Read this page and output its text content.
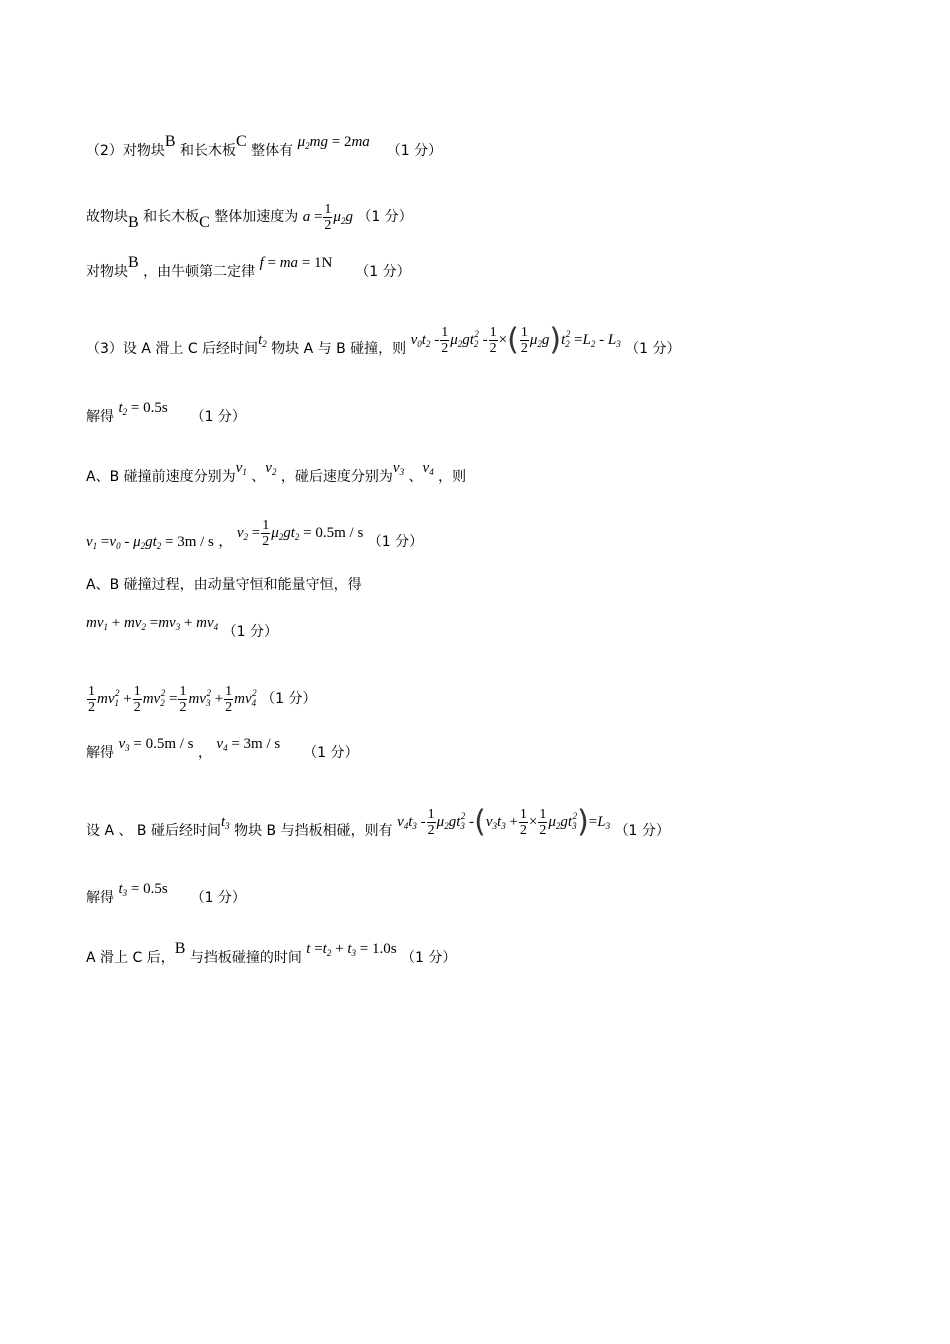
（2）对物块B 和长木板C 整体有 $\mu_2mg = 2ma$  （1 分）
故物块B 和长木板C 整体加速度为 $a = \frac{1}{2} \mu_2g$ （1 分）
对物块B ，由牛顿第二定律 f = ma = 1N  （1 分）
（3）设 A 滑上 C 后经时间$t_2$ 物块 A 与 B 碰撞，则 $v_0t_2 - \frac{1}{2} \mu_2gt_2^2 - \frac{1}{2}$ ×( $\frac{1}{2} \mu_2g)t_2^2 =L_2 - L_3$ （1 分）
解得 $t_2 = 0.5s$  （1 分）
A、B 碰撞前速度分别为$v_1$ 、$v_2$ ，碰后速度分别为$v_3$ 、$v_4$ ，则
$v_1 =v_0 - \mu_2gt_2 = 3m / s$ ， $v_2 = \frac{1}{2} \mu_2gt_2 = 0.5m / s$ （1 分）
A、B 碰撞过程，由动量守恒和能量守恒，得
$mv_1 + mv_2 =mv_3 + mv_4$ （1 分）
$\frac{1}{2} mv_1^2 + \frac{1}{2} mv_2^2 = \frac{1}{2} mv_3^2 + \frac{1}{2} mv_4^2$ （1 分）
解得 $v_3 = 0.5m / s$ ， $v_4 = 3m / s$  （1 分）
设 A 、 B 碰后经时间$t_3$ 物块 B 与挡板相碰，则有 $v_4t_3 - \frac{1}{2} \mu_2gt_3^2$ $-(v_3t_3 + \frac{1}{2} \times \frac{1}{2} \mu_2gt_3^2)=L_3$ （1 分）
解得 $t_3 = 0.5s$  （1 分）
A 滑上 C 后，B 与挡板碰撞的时间 $t =t_2 + t_3 = 1.0s$ （1 分）
